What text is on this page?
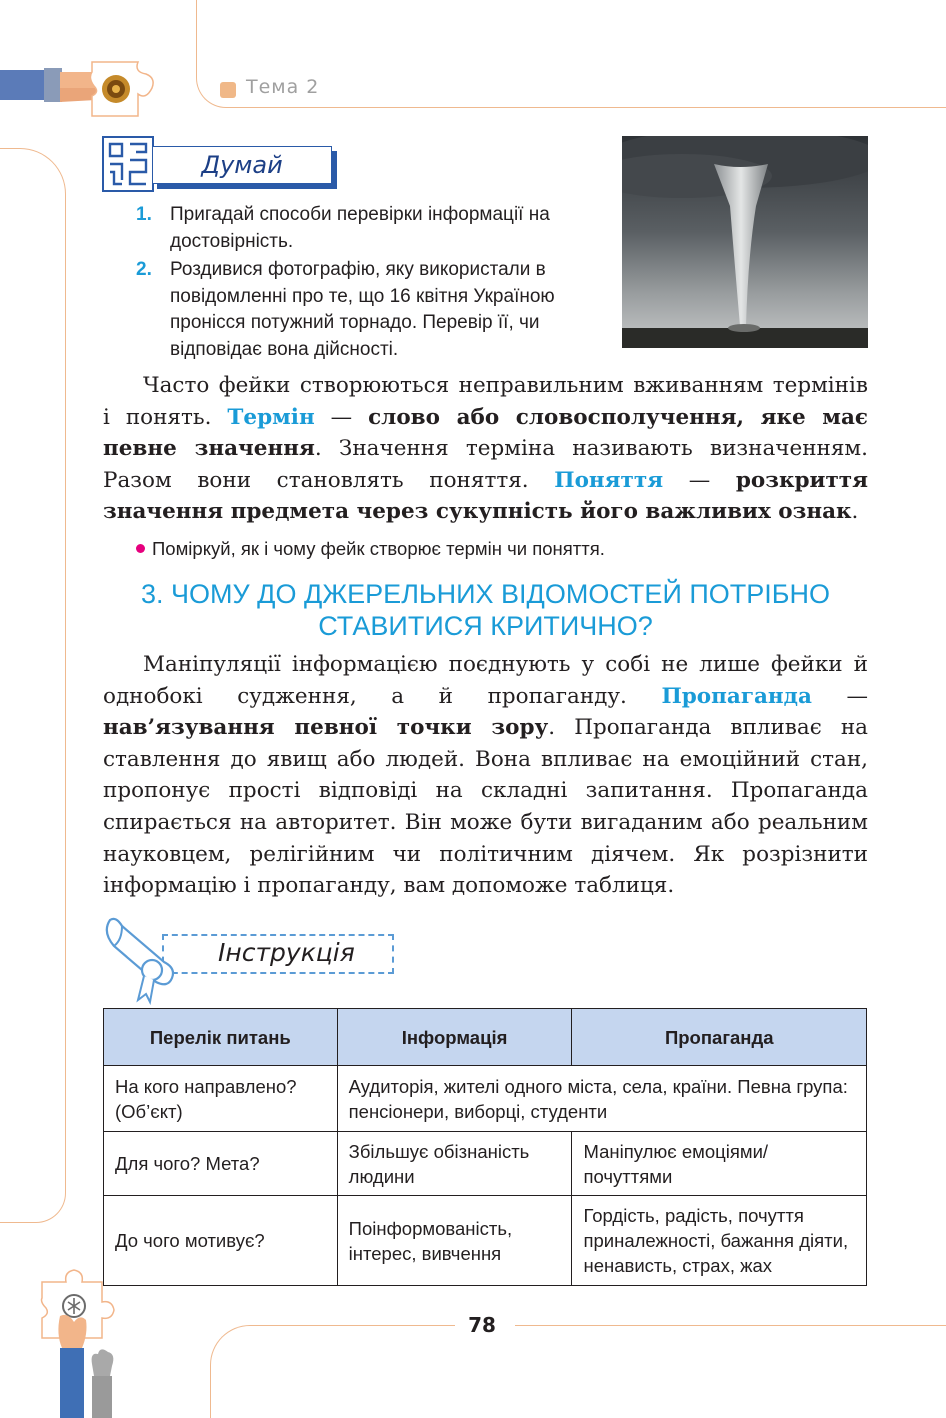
Тема 2
Думай
1. Пригадай способи перевірки інформації на достовірність.
2. Роздивися фотографію, яку використали в повідомленні про те, що 16 квітня Україною пронісся потужний торнадо. Перевір її, чи відповідає вона дійсності.
Часто фейки створюються неправильним вживанням термінів і понять. Термін — слово або словосполучення, яке має певне значення. Значення терміна називають визначенням. Разом вони становлять поняття. Поняття — розкриття значення предмета через сукупність його важливих ознак.
Поміркуй, як і чому фейк створює термін чи поняття.
3. ЧОМУ ДО ДЖЕРЕЛЬНИХ ВІДОМОСТЕЙ ПОТРІБНО СТАВИТИСЯ КРИТИЧНО?
Маніпуляції інформацією поєднують у собі не лише фейки й однобокі судження, а й пропаганду. Пропаганда — нав’язування певної точки зору. Пропаганда впливає на ставлення до явищ або людей. Вона впливає на емоційний стан, пропонує прості відповіді на складні запитання. Пропаганда спирається на авторитет. Він може бути вигаданим або реальним науковцем, релігійним чи політичним діячем. Як розрізнити інформацію і пропаганду, вам допоможе таблиця.
Інструкція
Перелік питань	Інформація	Пропаганда
На кого направлено? (Об’єкт)	Аудиторія, жителі одного міста, села, країни. Певна група: пенсіонери, виборці, студенти	
Для чого? Мета?	Збільшує обізнаність людини	Маніпулює емоціями/ почуттями
До чого мотивує?	Поінформованість, інтерес, вивчення	Гордість, радість, почуття приналежності, бажання діяти, ненависть, страх, жах
78
